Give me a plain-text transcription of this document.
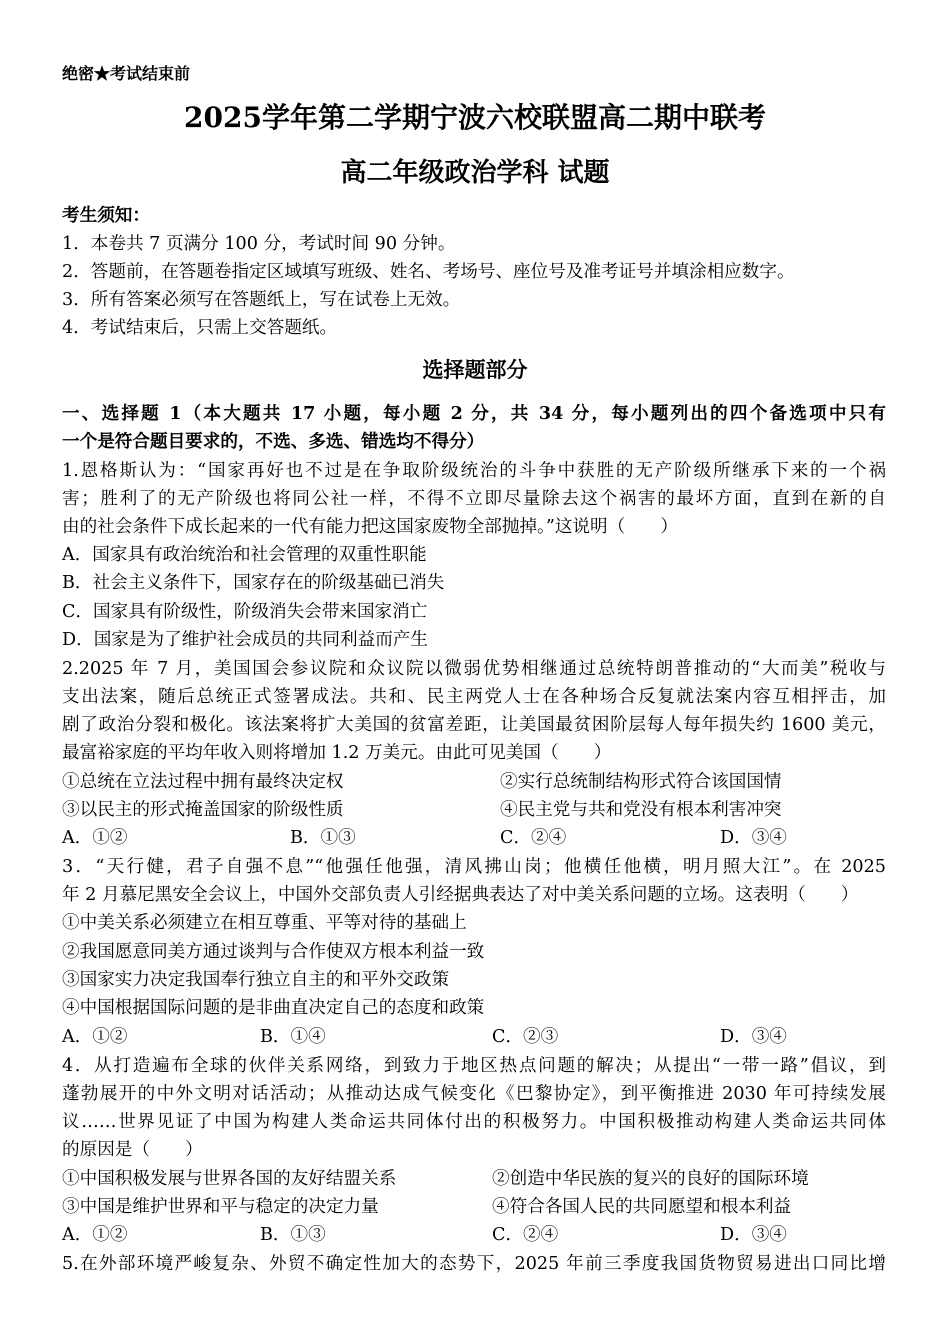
绝密★考试结束前
2025学年第二学期宁波六校联盟高二期中联考
高二年级政治学科 试题
考生须知：
1．本卷共 7 页满分 100 分，考试时间 90 分钟。
2．答题前，在答题卷指定区域填写班级、姓名、考场号、座位号及准考证号并填涂相应数字。
3．所有答案必须写在答题纸上，写在试卷上无效。
4．考试结束后，只需上交答题纸。
选择题部分
一、选择题 1（本大题共 17 小题，每小题 2 分，共 34 分，每小题列出的四个备选项中只有
一个是符合题目要求的，不选、多选、错选均不得分）
1.恩格斯认为：“国家再好也不过是在争取阶级统治的斗争中获胜的无产阶级所继承下来的一个祸
害；胜利了的无产阶级也将同公社一样，不得不立即尽量除去这个祸害的最坏方面，直到在新的自
由的社会条件下成长起来的一代有能力把这国家废物全部抛掉。”这说明（　　）
A．国家具有政治统治和社会管理的双重性职能
B．社会主义条件下，国家存在的阶级基础已消失
C．国家具有阶级性，阶级消失会带来国家消亡
D．国家是为了维护社会成员的共同利益而产生
2.2025 年 7 月，美国国会参议院和众议院以微弱优势相继通过总统特朗普推动的“大而美”税收与
支出法案，随后总统正式签署成法。共和、民主两党人士在各种场合反复就法案内容互相抨击，加
剧了政治分裂和极化。该法案将扩大美国的贫富差距，让美国最贫困阶层每人每年损失约 1600 美元，
最富裕家庭的平均年收入则将增加 1.2 万美元。由此可见美国（　　）
①总统在立法过程中拥有最终决定权	②实行总统制结构形式符合该国国情
③以民主的形式掩盖国家的阶级性质	④民主党与共和党没有根本利害冲突
A．①②	B．①③	C．②④	D．③④
3．“天行健，君子自强不息”“他强任他强，清风拂山岗；他横任他横，明月照大江”。在 2025
年 2 月慕尼黑安全会议上，中国外交部负责人引经据典表达了对中美关系问题的立场。这表明（　　）
①中美关系必须建立在相互尊重、平等对待的基础上
②我国愿意同美方通过谈判与合作使双方根本利益一致
③国家实力决定我国奉行独立自主的和平外交政策
④中国根据国际问题的是非曲直决定自己的态度和政策
A．①②	B．①④	C．②③	D．③④
4．从打造遍布全球的伙伴关系网络，到致力于地区热点问题的解决；从提出“一带一路”倡议，到
蓬勃展开的中外文明对话活动；从推动达成气候变化《巴黎协定》，到平衡推进 2030 年可持续发展
议……世界见证了中国为构建人类命运共同体付出的积极努力。中国积极推动构建人类命运共同体
的原因是（　　）
①中国积极发展与世界各国的友好结盟关系	②创造中华民族的复兴的良好的国际环境
③中国是维护世界和平与稳定的决定力量	④符合各国人民的共同愿望和根本利益
A．①②	B．①③	C．②④	D．③④
5.在外部环境严峻复杂、外贸不确定性加大的态势下，2025 年前三季度我国货物贸易进出口同比增
